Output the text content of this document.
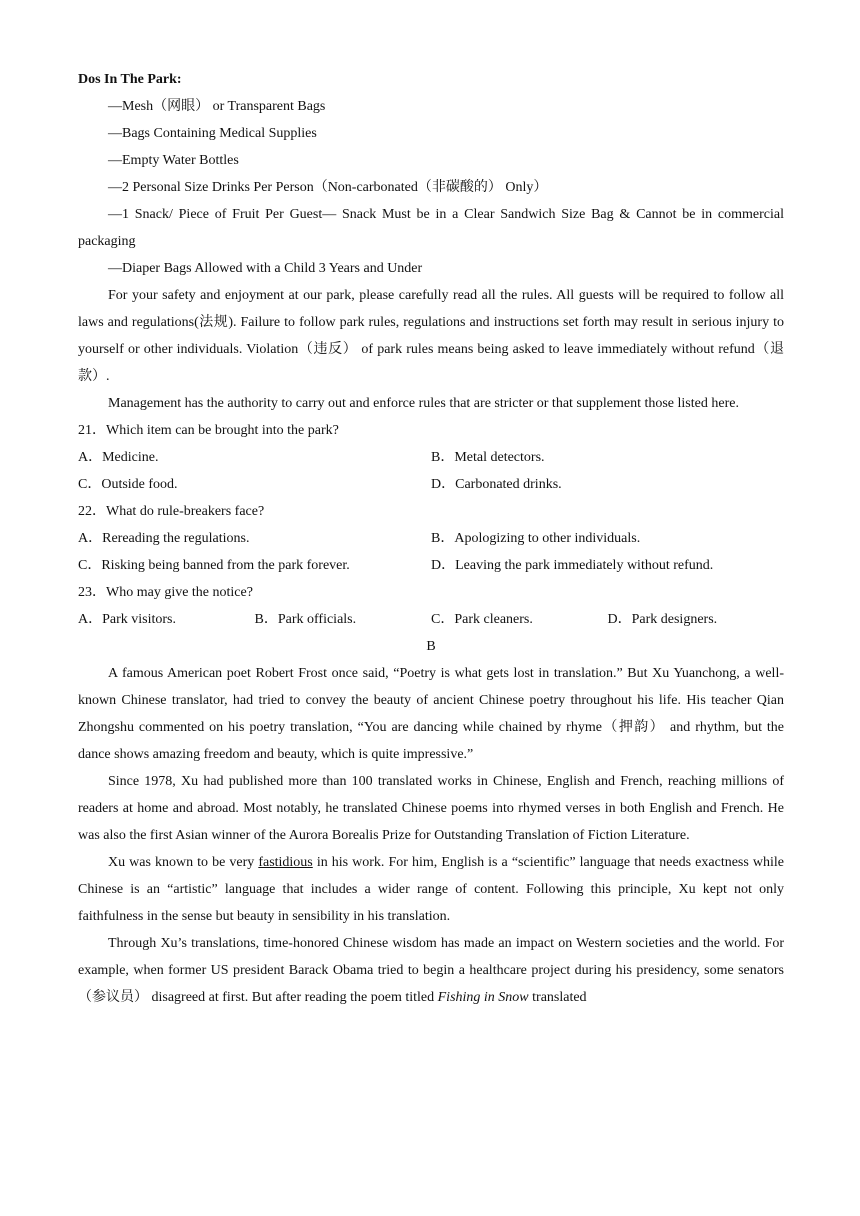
Dos In The Park:
—Mesh（网眼） or Transparent Bags
—Bags Containing Medical Supplies
—Empty Water Bottles
—2 Personal Size Drinks Per Person（Non-carbonated（非碳酸的） Only）
—1 Snack/ Piece of Fruit Per Guest— Snack Must be in a Clear Sandwich Size Bag & Cannot be in commercial packaging
—Diaper Bags Allowed with a Child 3 Years and Under
For your safety and enjoyment at our park, please carefully read all the rules. All guests will be required to follow all laws and regulations(法规). Failure to follow park rules, regulations and instructions set forth may result in serious injury to yourself or other individuals. Violation（违反） of park rules means being asked to leave immediately without refund（退款）.
Management has the authority to carry out and enforce rules that are stricter or that supplement those listed here.
21．Which item can be brought into the park?
A．Medicine.	B．Metal detectors.
C．Outside food.	D．Carbonated drinks.
22．What do rule-breakers face?
A．Rereading the regulations.	B．Apologizing to other individuals.
C．Risking being banned from the park forever.	D．Leaving the park immediately without refund.
23．Who may give the notice?
A．Park visitors.	B．Park officials.	C．Park cleaners.	D．Park designers.
B
A famous American poet Robert Frost once said, “Poetry is what gets lost in translation.” But Xu Yuanchong, a well-known Chinese translator, had tried to convey the beauty of ancient Chinese poetry throughout his life. His teacher Qian Zhongshu commented on his poetry translation, “You are dancing while chained by rhyme（押韵） and rhythm, but the dance shows amazing freedom and beauty, which is quite impressive.”
Since 1978, Xu had published more than 100 translated works in Chinese, English and French, reaching millions of readers at home and abroad. Most notably, he translated Chinese poems into rhymed verses in both English and French. He was also the first Asian winner of the Aurora Borealis Prize for Outstanding Translation of Fiction Literature.
Xu was known to be very fastidious in his work. For him, English is a “scientific” language that needs exactness while Chinese is an “artistic” language that includes a wider range of content. Following this principle, Xu kept not only faithfulness in the sense but beauty in sensibility in his translation.
Through Xu’s translations, time-honored Chinese wisdom has made an impact on Western societies and the world. For example, when former US president Barack Obama tried to begin a healthcare project during his presidency, some senators（参议员） disagreed at first. But after reading the poem titled Fishing in Snow translated
